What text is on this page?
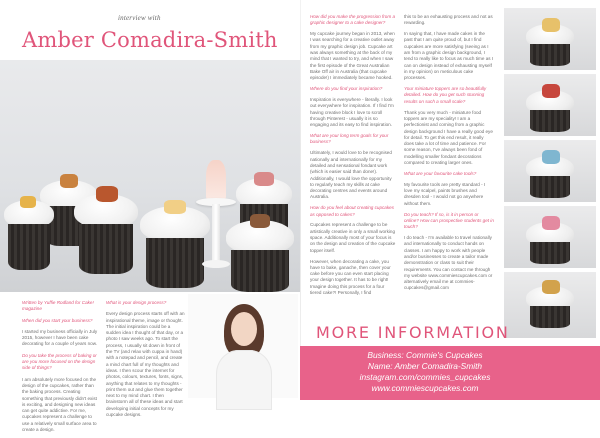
interview with
Amber Comadira-Smith

Written by Yuffie Rodland for Cake! magazine

When did you start your business?

I started my business officially in July 2015, however I have been cake decorating for a couple of years now.

Do you take the process of baking or are you more focused on the design side of things?

I am absolutely more focused on the design of the cupcakes, rather than the baking process. Creating something that previously didn't exist is exciting, and designing new ideas can get quite addictive. For me, cupcakes represent a challenge to use a relatively small surface area to create a design.

What is your design process?

Every design process starts off with an inspirational theme, image or thought. The initial inspiration could be a sudden idea I thought of that day, or a photo I saw weeks ago. To start the process, I usually sit down in front of the TV (and relax with cuppa in hand) with a notepad and pencil, and create a mind chart full of my thoughts and ideas. I then scour the internet for photos, colours, textures, fonts, signs, anything that relates to my thoughts - print them out and glue them together next to my mind chart. I then brainstorm all of these ideas and start developing initial concepts for my cupcake designs.

How did you make the progression from a graphic designer to a cake designer?

My cupcake journey began in 2013, when I was searching for a creative outlet away from my graphic design job. Cupcake art was always something at the back of my mind that I wanted to try, and when I saw the first episode of the Great Australian Bake Off air in Australia (that cupcake episode!) I immediately became hooked.

Where do you find your inspiration?

Inspiration is everywhere - literally. I look out everywhere for inspiration. If I find I'm having creative block I love to scroll through Pinterest - usually it is so engaging and its easy to find inspiration.

What are your long term goals for your business?

Ultimately, I would love to be recognised nationally and internationally for my detailed and sensational fondant work (which is easier said than done!). Additionally, I would love the opportunity to regularly teach my skills at cake decorating centres and events around Australia.

How do you feel about creating cupcakes as opposed to cakes?

Cupcakes represent a challenge to be artistically creative in only a small working space. Additionally most of your focus is on the design and creation of the cupcake topper itself.

However, when decorating a cake, you have to bake, ganache, then cover your cake before you can even start placing your design together. It has to be right! Imagine doing this process for a four tiered cake?! Personally, I find

this to be an exhausting process and not as rewarding.

In saying that, I have made cakes in the past that I am quite proud of, but I find cupcakes are more satisfying (seeing as I am from a graphic design background, I tend to really like to focus as much time as I can on design instead of exhausting myself in my opinion) on meticulous cake processes.

Your miniature toppers are so beautifully detailed. How do you get such stunning results on such a small scale?

Thank you very much - miniature food toppers are my speciality! I am a perfectionist and coming from a graphic design background I have a really good eye for detail. To get this end result, it really does take a lot of time and patience. For some reason, I've always been fond of modelling smaller fondant decorations compared to creating larger ones.

What are your favourite cake tools?

My favourite tools are pretty standard - I love my scalpel, paints brushes and dresden tool - I would not go anywhere without them.

Do you teach? If so, is it in person or online? How can prospective students get in touch?

I do teach - I'm available to travel nationally and internationally to conduct hands on classes. I am happy to work with people and/or businesses to create a tailor made demonstration or class to suit their requirements. You can contact me through my website www.commiescupcakes.com or alternatively email me at commies-cupcakes@gmail.com

MORE INFORMATION
Business: Commie's Cupcakes
Name: Amber Comadira-Smith
instagram.com/commies_cupcakes
www.commiescupcakes.com
